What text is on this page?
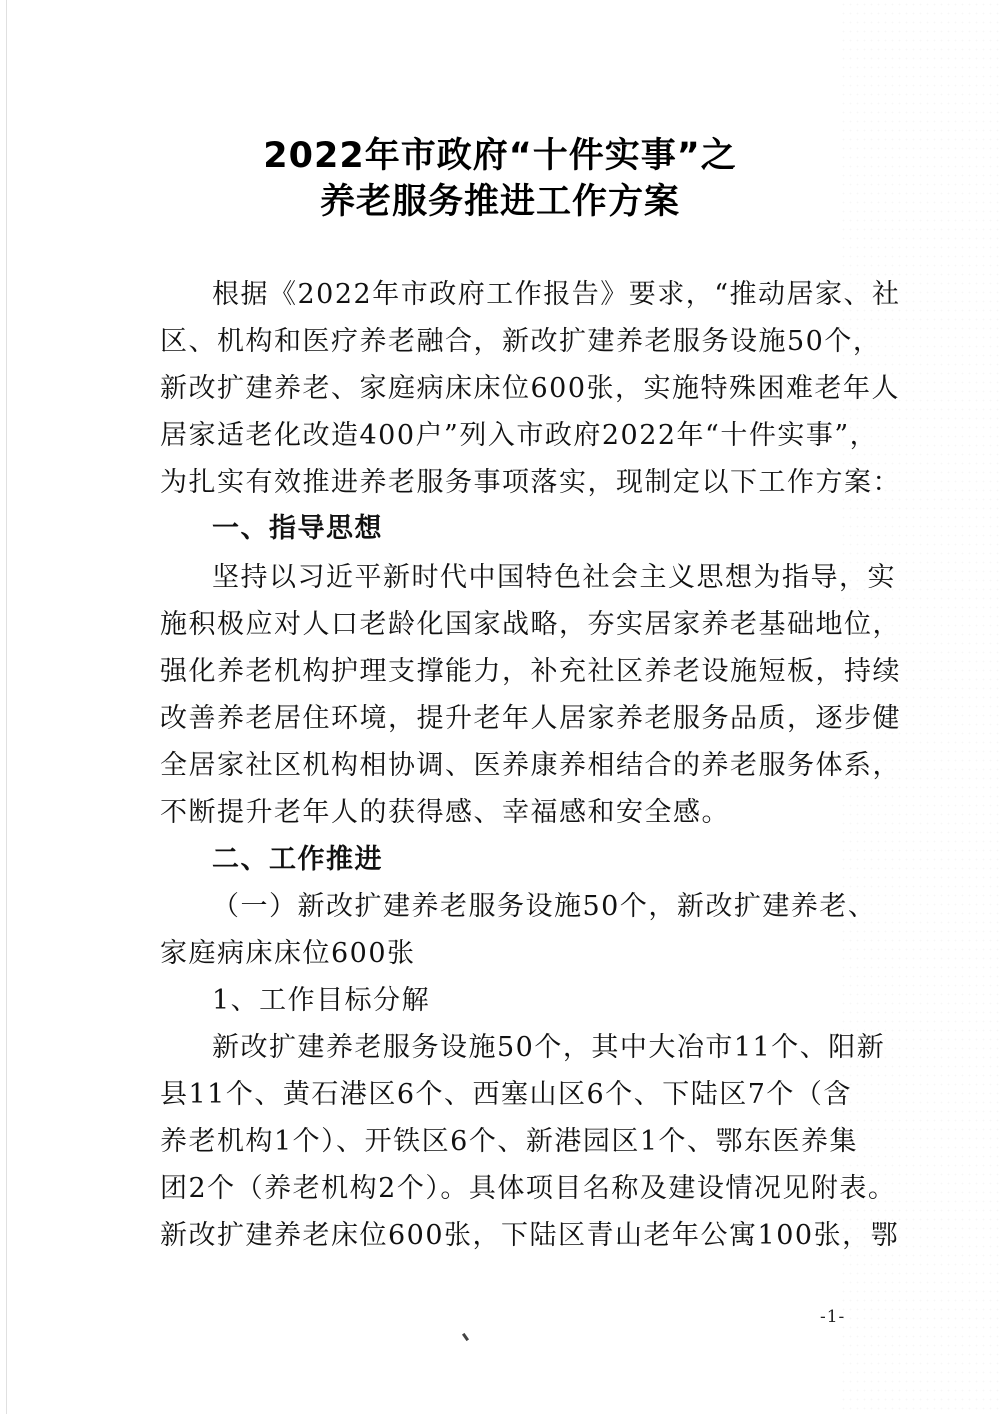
2022年市政府“十件实事”之
养老服务推进工作方案
根据《2022年市政府工作报告》要求，“推动居家、社
区、机构和医疗养老融合，新改扩建养老服务设施50个，
新改扩建养老、家庭病床床位600张，实施特殊困难老年人
居家适老化改造400户”列入市政府2022年“十件实事”，
为扎实有效推进养老服务事项落实，现制定以下工作方案：
一、指导思想
坚持以习近平新时代中国特色社会主义思想为指导，实
施积极应对人口老龄化国家战略，夯实居家养老基础地位，
强化养老机构护理支撑能力，补充社区养老设施短板，持续
改善养老居住环境，提升老年人居家养老服务品质，逐步健
全居家社区机构相协调、医养康养相结合的养老服务体系，
不断提升老年人的获得感、幸福感和安全感。
二、工作推进
（一）新改扩建养老服务设施50个，新改扩建养老、
家庭病床床位600张
1、工作目标分解
新改扩建养老服务设施50个，其中大冶市11个、阳新
县11个、黄石港区6个、西塞山区6个、下陆区7个（含
养老机构1个）、开铁区6个、新港园区1个、鄂东医养集
团2个（养老机构2个）。具体项目名称及建设情况见附表。
新改扩建养老床位600张，下陆区青山老年公寓100张，鄂
-1-
